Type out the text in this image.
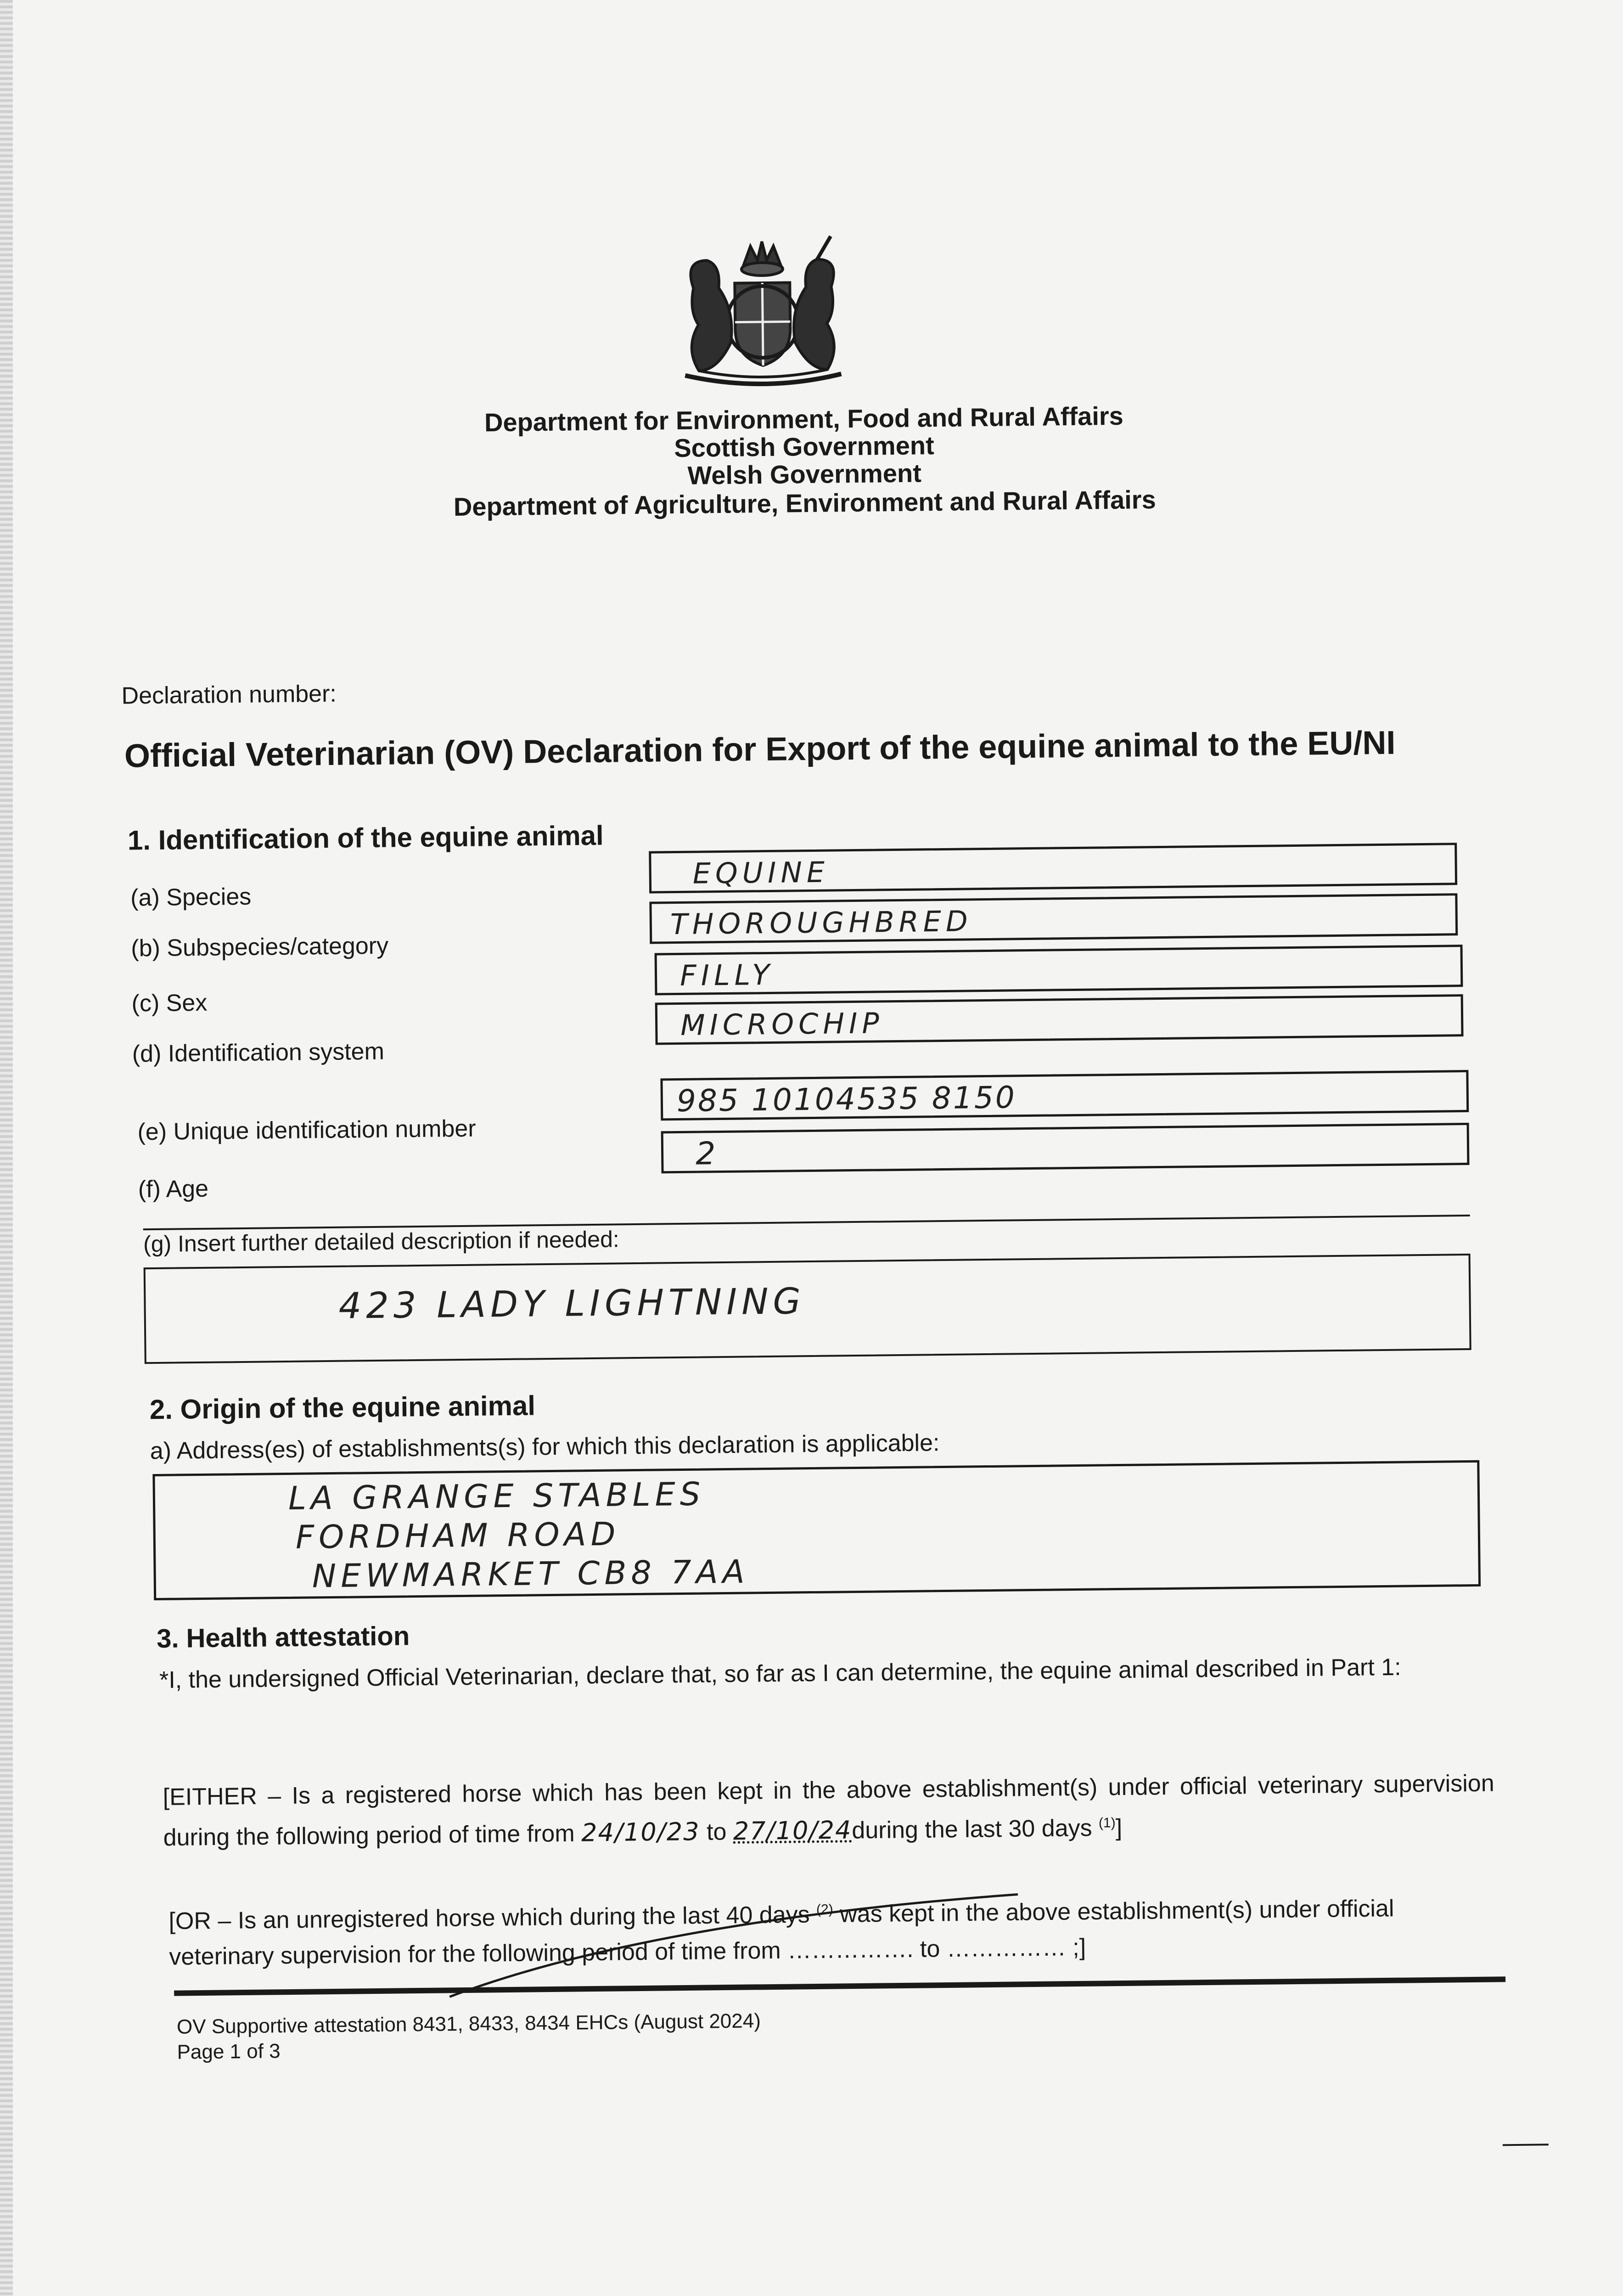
Department for Environment, Food and Rural Affairs
Scottish Government
Welsh Government
Department of Agriculture, Environment and Rural Affairs
Declaration number:
Official Veterinarian (OV) Declaration for Export of the equine animal to the EU/NI
1. Identification of the equine animal
(a) Species
(b) Subspecies/category
(c) Sex
(d) Identification system
(e) Unique identification number
(f) Age
EQUINE
THOROUGHBRED
FILLY
MICROCHIP
985 10104535 8150
2
(g) Insert further detailed description if needed:
423 LADY LIGHTNING
2. Origin of the equine animal
a) Address(es) of establishments(s) for which this declaration is applicable:
LA GRANGE STABLES
FORDHAM ROAD
NEWMARKET CB8 7AA
3. Health attestation
*I, the undersigned Official Veterinarian, declare that, so far as I can determine, the equine animal described in Part 1:
[EITHER – Is a registered horse which has been kept in the above establishment(s) under official veterinary supervision during the following period of time from 24/10/23 to 27/10/24during the last 30 days $^{(1)}$]
[OR – Is an unregistered horse which during the last 40 days $^{(2)}$ was kept in the above establishment(s) under official veterinary supervision for the following period of time from ……………. to …………… ;]
OV Supportive attestation 8431, 8433, 8434 EHCs (August 2024)
Page 1 of 3
